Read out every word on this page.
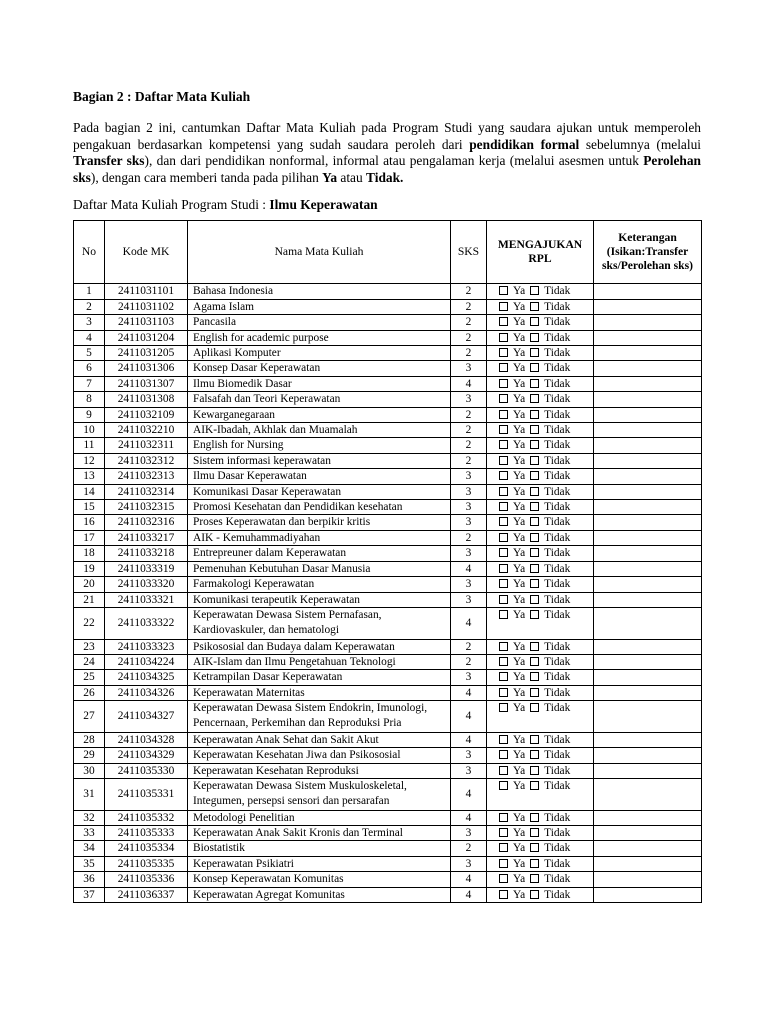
Bagian 2 : Daftar Mata Kuliah

Pada bagian 2 ini, cantumkan Daftar Mata Kuliah pada Program Studi yang saudara ajukan untuk memperoleh pengakuan berdasarkan kompetensi yang sudah saudara peroleh dari pendidikan formal sebelumnya (melalui Transfer sks), dan dari pendidikan nonformal, informal atau pengalaman kerja (melalui asesmen untuk Perolehan sks), dengan cara memberi tanda pada pilihan Ya atau Tidak.

Daftar Mata Kuliah Program Studi : Ilmu Keperawatan

No	Kode MK	Nama Mata Kuliah	SKS	MENGAJUKAN RPL	Keterangan (Isikan:Transfer sks/Perolehan sks)
1	2411031101	Bahasa Indonesia	2	Ya Tidak	
2	2411031102	Agama Islam	2	Ya Tidak	
3	2411031103	Pancasila	2	Ya Tidak	
4	2411031204	English for academic purpose	2	Ya Tidak	
5	2411031205	Aplikasi Komputer	2	Ya Tidak	
6	2411031306	Konsep Dasar Keperawatan	3	Ya Tidak	
7	2411031307	Ilmu Biomedik Dasar	4	Ya Tidak	
8	2411031308	Falsafah dan Teori Keperawatan	3	Ya Tidak	
9	2411032109	Kewarganegaraan	2	Ya Tidak	
10	2411032210	AIK-Ibadah, Akhlak dan Muamalah	2	Ya Tidak	
11	2411032311	English for Nursing	2	Ya Tidak	
12	2411032312	Sistem informasi keperawatan	2	Ya Tidak	
13	2411032313	Ilmu Dasar Keperawatan	3	Ya Tidak	
14	2411032314	Komunikasi Dasar Keperawatan	3	Ya Tidak	
15	2411032315	Promosi Kesehatan dan Pendidikan kesehatan	3	Ya Tidak	
16	2411032316	Proses Keperawatan dan berpikir kritis	3	Ya Tidak	
17	2411033217	AIK - Kemuhammadiyahan	2	Ya Tidak	
18	2411033218	Entrepreuner dalam Keperawatan	3	Ya Tidak	
19	2411033319	Pemenuhan Kebutuhan Dasar Manusia	4	Ya Tidak	
20	2411033320	Farmakologi Keperawatan	3	Ya Tidak	
21	2411033321	Komunikasi terapeutik Keperawatan	3	Ya Tidak	
22	2411033322	Keperawatan Dewasa Sistem Pernafasan, Kardiovaskuler, dan hematologi	4	Ya Tidak	
23	2411033323	Psikososial dan Budaya dalam Keperawatan	2	Ya Tidak	
24	2411034224	AIK-Islam dan Ilmu Pengetahuan Teknologi	2	Ya Tidak	
25	2411034325	Ketrampilan Dasar Keperawatan	3	Ya Tidak	
26	2411034326	Keperawatan Maternitas	4	Ya Tidak	
27	2411034327	Keperawatan Dewasa Sistem Endokrin, Imunologi, Pencernaan, Perkemihan dan Reproduksi Pria	4	Ya Tidak	
28	2411034328	Keperawatan Anak Sehat dan Sakit Akut	4	Ya Tidak	
29	2411034329	Keperawatan Kesehatan Jiwa dan Psikososial	3	Ya Tidak	
30	2411035330	Keperawatan Kesehatan Reproduksi	3	Ya Tidak	
31	2411035331	Keperawatan Dewasa Sistem Muskuloskeletal, Integumen, persepsi sensori dan persarafan	4	Ya Tidak	
32	2411035332	Metodologi Penelitian	4	Ya Tidak	
33	2411035333	Keperawatan Anak Sakit Kronis dan Terminal	3	Ya Tidak	
34	2411035334	Biostatistik	2	Ya Tidak	
35	2411035335	Keperawatan Psikiatri	3	Ya Tidak	
36	2411035336	Konsep Keperawatan Komunitas	4	Ya Tidak	
37	2411036337	Keperawatan Agregat Komunitas	4	Ya Tidak	
